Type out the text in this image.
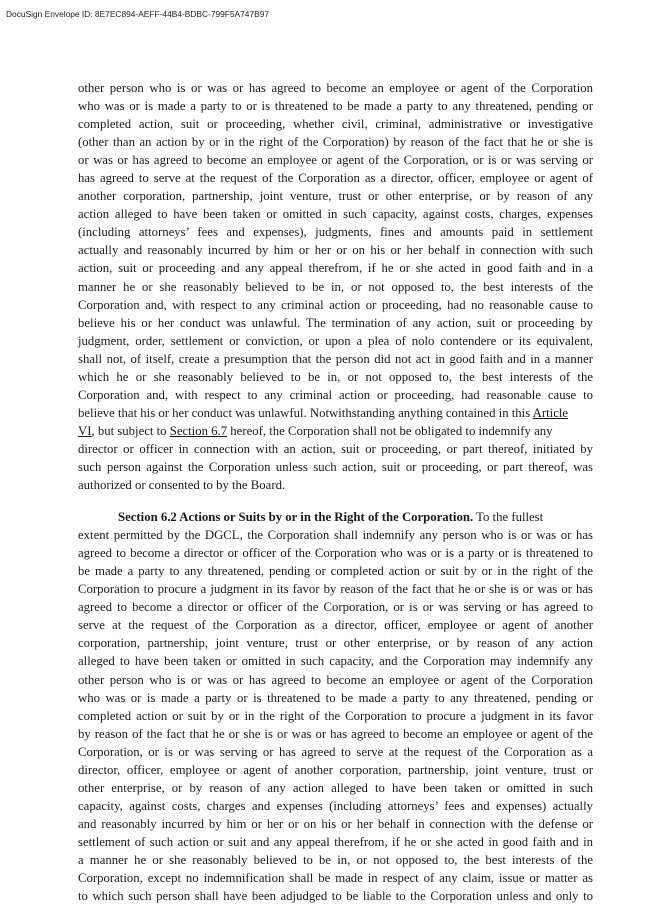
DocuSign Envelope ID: 8E7EC894-AEFF-44B4-BDBC-799F5A747B97
other person who is or was or has agreed to become an employee or agent of the Corporation
who was or is made a party to or is threatened to be made a party to any threatened, pending or
completed action, suit or proceeding, whether civil, criminal, administrative or investigative
(other than an action by or in the right of the Corporation) by reason of the fact that he or she is
or was or has agreed to become an employee or agent of the Corporation, or is or was serving or
has agreed to serve at the request of the Corporation as a director, officer, employee or agent of
another corporation, partnership, joint venture, trust or other enterprise, or by reason of any
action alleged to have been taken or omitted in such capacity, against costs, charges, expenses
(including attorneys’ fees and expenses), judgments, fines and amounts paid in settlement
actually and reasonably incurred by him or her or on his or her behalf in connection with such
action, suit or proceeding and any appeal therefrom, if he or she acted in good faith and in a
manner he or she reasonably believed to be in, or not opposed to, the best interests of the
Corporation and, with respect to any criminal action or proceeding, had no reasonable cause to
believe his or her conduct was unlawful. The termination of any action, suit or proceeding by
judgment, order, settlement or conviction, or upon a plea of nolo contendere or its equivalent,
shall not, of itself, create a presumption that the person did not act in good faith and in a manner
which he or she reasonably believed to be in, or not opposed to, the best interests of the
Corporation and, with respect to any criminal action or proceeding, had reasonable cause to
believe that his or her conduct was unlawful. Notwithstanding anything contained in this Article
VI, but subject to Section 6.7 hereof, the Corporation shall not be obligated to indemnify any
director or officer in connection with an action, suit or proceeding, or part thereof, initiated by
such person against the Corporation unless such action, suit or proceeding, or part thereof, was
authorized or consented to by the Board.
Section 6.2 Actions or Suits by or in the Right of the Corporation. To the fullest
extent permitted by the DGCL, the Corporation shall indemnify any person who is or was or has
agreed to become a director or officer of the Corporation who was or is a party or is threatened to
be made a party to any threatened, pending or completed action or suit by or in the right of the
Corporation to procure a judgment in its favor by reason of the fact that he or she is or was or has
agreed to become a director or officer of the Corporation, or is or was serving or has agreed to
serve at the request of the Corporation as a director, officer, employee or agent of another
corporation, partnership, joint venture, trust or other enterprise, or by reason of any action
alleged to have been taken or omitted in such capacity, and the Corporation may indemnify any
other person who is or was or has agreed to become an employee or agent of the Corporation
who was or is made a party or is threatened to be made a party to any threatened, pending or
completed action or suit by or in the right of the Corporation to procure a judgment in its favor
by reason of the fact that he or she is or was or has agreed to become an employee or agent of the
Corporation, or is or was serving or has agreed to serve at the request of the Corporation as a
director, officer, employee or agent of another corporation, partnership, joint venture, trust or
other enterprise, or by reason of any action alleged to have been taken or omitted in such
capacity, against costs, charges and expenses (including attorneys’ fees and expenses) actually
and reasonably incurred by him or her or on his or her behalf in connection with the defense or
settlement of such action or suit and any appeal therefrom, if he or she acted in good faith and in
a manner he or she reasonably believed to be in, or not opposed to, the best interests of the
Corporation, except no indemnification shall be made in respect of any claim, issue or matter as
to which such person shall have been adjudged to be liable to the Corporation unless and only to
